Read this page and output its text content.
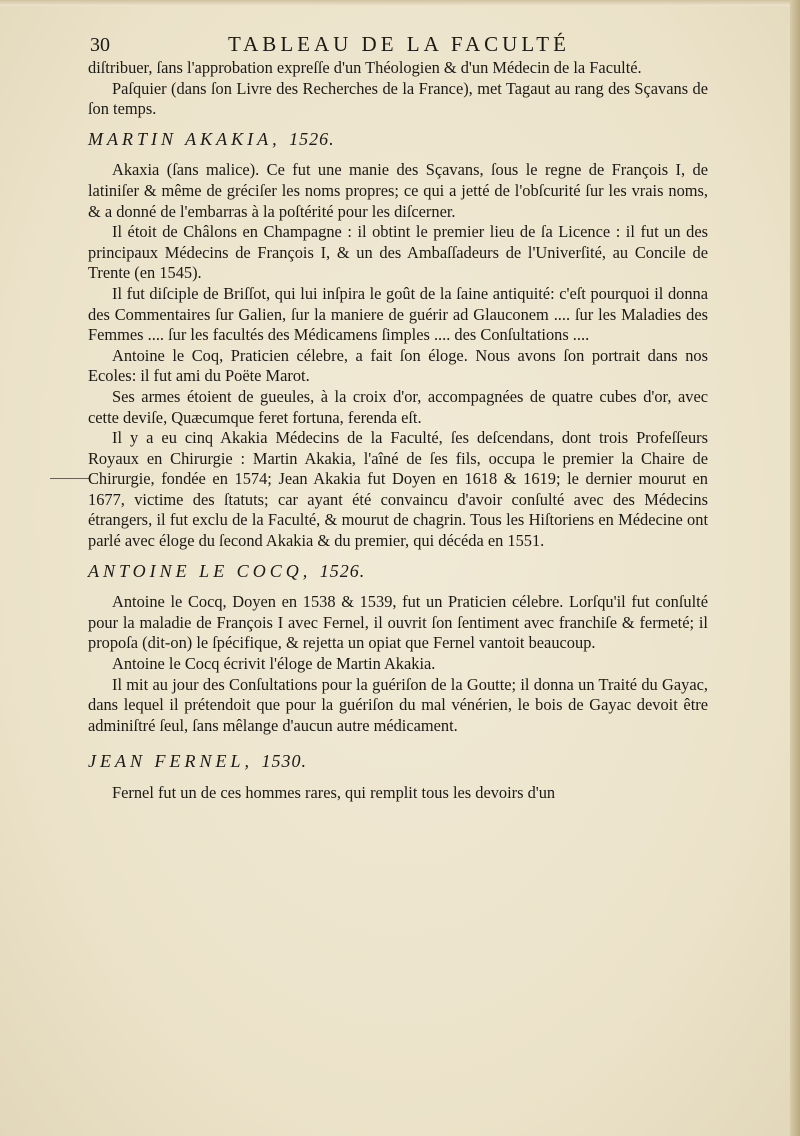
30	TABLEAU DE LA FACULTÉ

diſtribuer, ſans l'approbation expreſſe d'un Théologien & d'un Médecin de la Faculté.

Paſquier (dans ſon Livre des Recherches de la France), met Tagaut au rang des Sçavans de ſon temps.

MARTIN AKAKIA, 1526.

Akaxia (ſans malice). Ce fut une manie des Sçavans, ſous le regne de François I, de latiniſer & même de gréciſer les noms propres; ce qui a jetté de l'obſcurité ſur les vrais noms, & a donné de l'embarras à la poſtérité pour les diſcerner.

Il étoit de Châlons en Champagne : il obtint le premier lieu de ſa Licence : il fut un des principaux Médecins de François I, & un des Ambaſſadeurs de l'Univerſité, au Concile de Trente (en 1545).

Il fut diſciple de Briſſot, qui lui inſpira le goût de la ſaine antiquité: c'eſt pourquoi il donna des Commentaires ſur Galien, ſur la maniere de guérir ad Glauconem .... ſur les Maladies des Femmes .... ſur les facultés des Médicamens ſimples .... des Conſultations ....

Antoine le Coq, Praticien célebre, a fait ſon éloge. Nous avons ſon portrait dans nos Ecoles: il fut ami du Poëte Marot.

Ses armes étoient de gueules, à la croix d'or, accompagnées de quatre cubes d'or, avec cette deviſe, Quæcumque feret fortuna, ferenda eſt.

Il y a eu cinq Akakia Médecins de la Faculté, ſes deſcendans, dont trois Profeſſeurs Royaux en Chirurgie : Martin Akakia, l'aîné de ſes fils, occupa le premier la Chaire de Chirurgie, fondée en 1574; Jean Akakia fut Doyen en 1618 & 1619; le dernier mourut en 1677, victime des ſtatuts; car ayant été convaincu d'avoir conſulté avec des Médecins étrangers, il fut exclu de la Faculté, & mourut de chagrin. Tous les Hiſtoriens en Médecine ont parlé avec éloge du ſecond Akakia & du premier, qui décéda en 1551.

ANTOINE LE COCQ, 1526.

Antoine le Cocq, Doyen en 1538 & 1539, fut un Praticien célebre. Lorſqu'il fut conſulté pour la maladie de François I avec Fernel, il ouvrit ſon ſentiment avec franchiſe & fermeté; il propoſa (dit-on) le ſpécifique, & rejetta un opiat que Fernel vantoit beaucoup.

Antoine le Cocq écrivit l'éloge de Martin Akakia.

Il mit au jour des Conſultations pour la guériſon de la Goutte; il donna un Traité du Gayac, dans lequel il prétendoit que pour la guériſon du mal vénérien, le bois de Gayac devoit être adminiſtré ſeul, ſans mêlange d'aucun autre médicament.

JEAN FERNEL, 1530.

Fernel fut un de ces hommes rares, qui remplit tous les devoirs d'un
